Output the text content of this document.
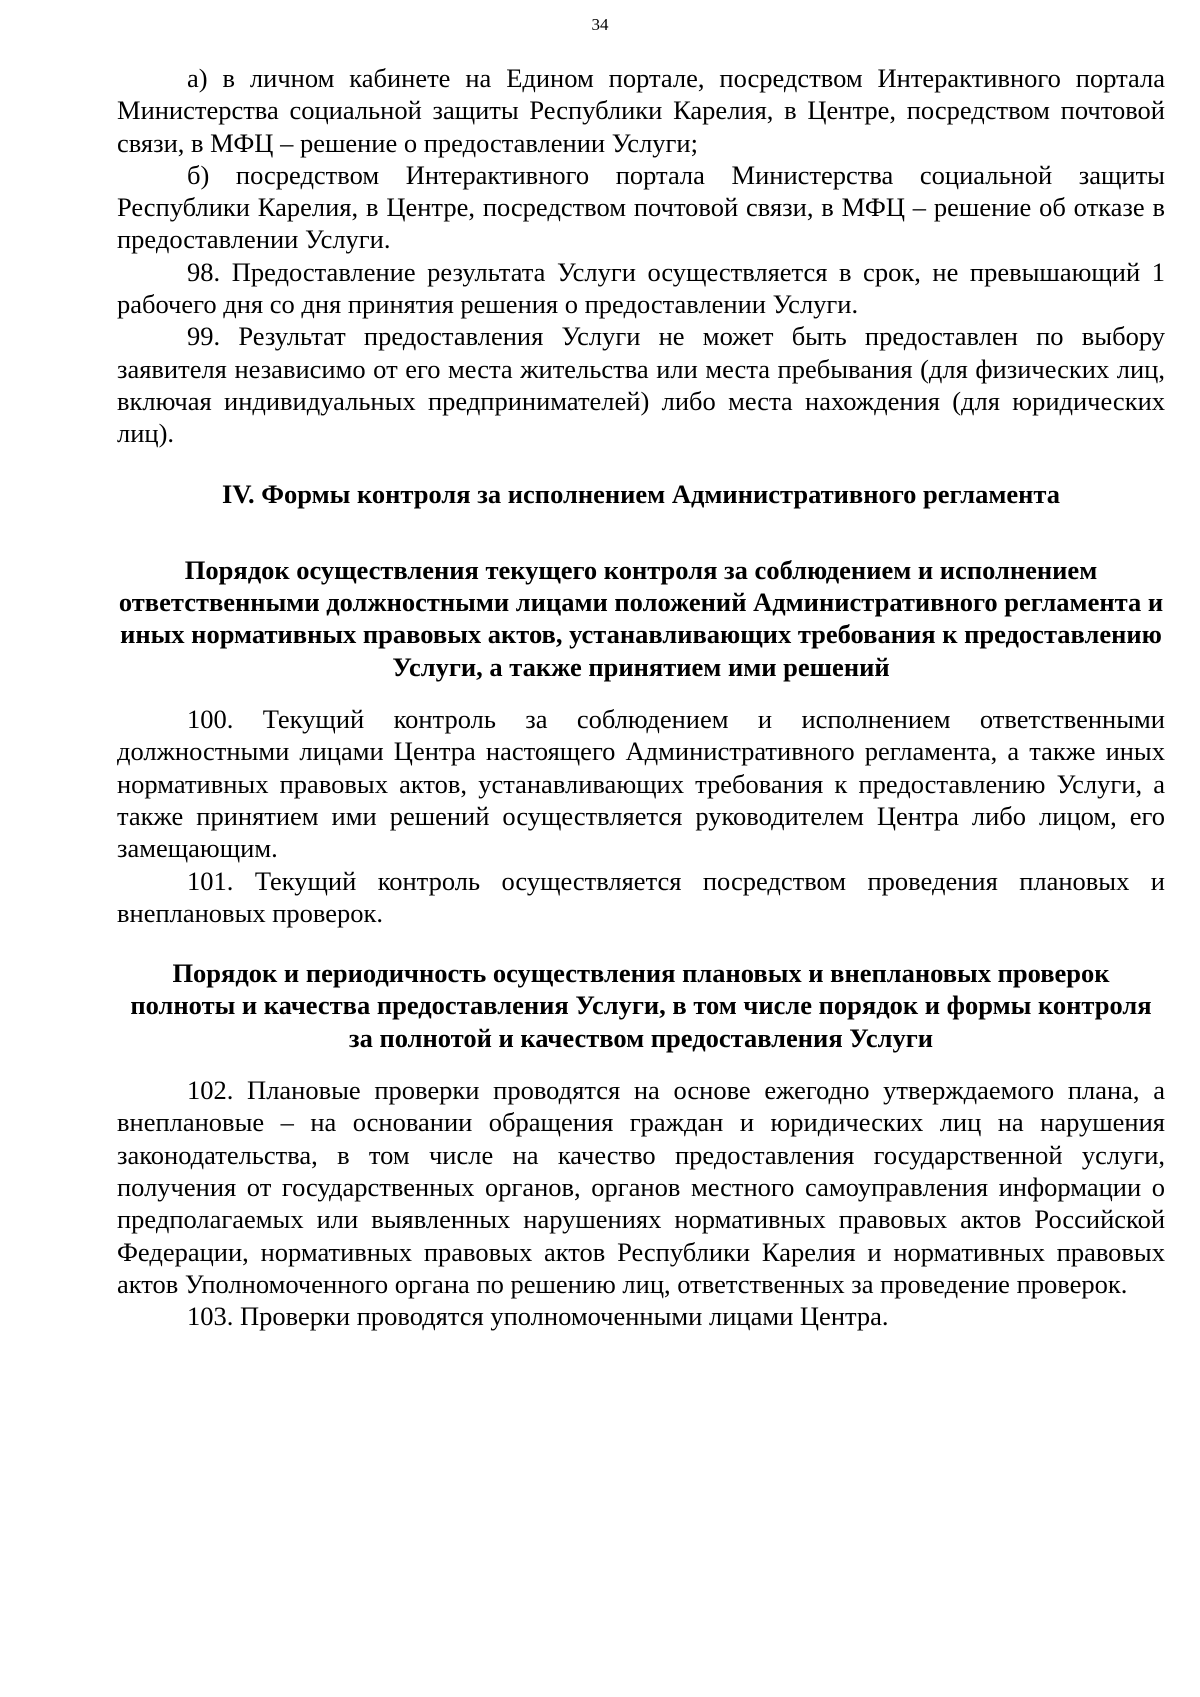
34

а) в личном кабинете на Едином портале, посредством Интерактивного портала Министерства социальной защиты Республики Карелия, в Центре, посредством почтовой связи, в МФЦ – решение о предоставлении Услуги;

б) посредством Интерактивного портала Министерства социальной защиты Республики Карелия, в Центре, посредством почтовой связи, в МФЦ – решение об отказе в предоставлении Услуги.

98. Предоставление результата Услуги осуществляется в срок, не превышающий 1 рабочего дня со дня принятия решения о предоставлении Услуги.

99. Результат предоставления Услуги не может быть предоставлен по выбору заявителя независимо от его места жительства или места пребывания (для физических лиц, включая индивидуальных предпринимателей) либо места нахождения (для юридических лиц).

IV. Формы контроля за исполнением Административного регламента
Порядок осуществления текущего контроля за соблюдением и исполнением ответственными должностными лицами положений Административного регламента и иных нормативных правовых актов, устанавливающих требования к предоставлению Услуги, а также принятием ими решений

100. Текущий контроль за соблюдением и исполнением ответственными должностными лицами Центра настоящего Административного регламента, а также иных нормативных правовых актов, устанавливающих требования к предоставлению Услуги, а также принятием ими решений осуществляется руководителем Центра либо лицом, его замещающим.

101. Текущий контроль осуществляется посредством проведения плановых и внеплановых проверок.

Порядок и периодичность осуществления плановых и внеплановых проверок полноты и качества предоставления Услуги, в том числе порядок и формы контроля за полнотой и качеством предоставления Услуги

102. Плановые проверки проводятся на основе ежегодно утверждаемого плана, а внеплановые – на основании обращения граждан и юридических лиц на нарушения законодательства, в том числе на качество предоставления государственной услуги, получения от государственных органов, органов местного самоуправления информации о предполагаемых или выявленных нарушениях нормативных правовых актов Российской Федерации, нормативных правовых актов Республики Карелия и нормативных правовых актов Уполномоченного органа по решению лиц, ответственных за проведение проверок.

103. Проверки проводятся уполномоченными лицами Центра.
